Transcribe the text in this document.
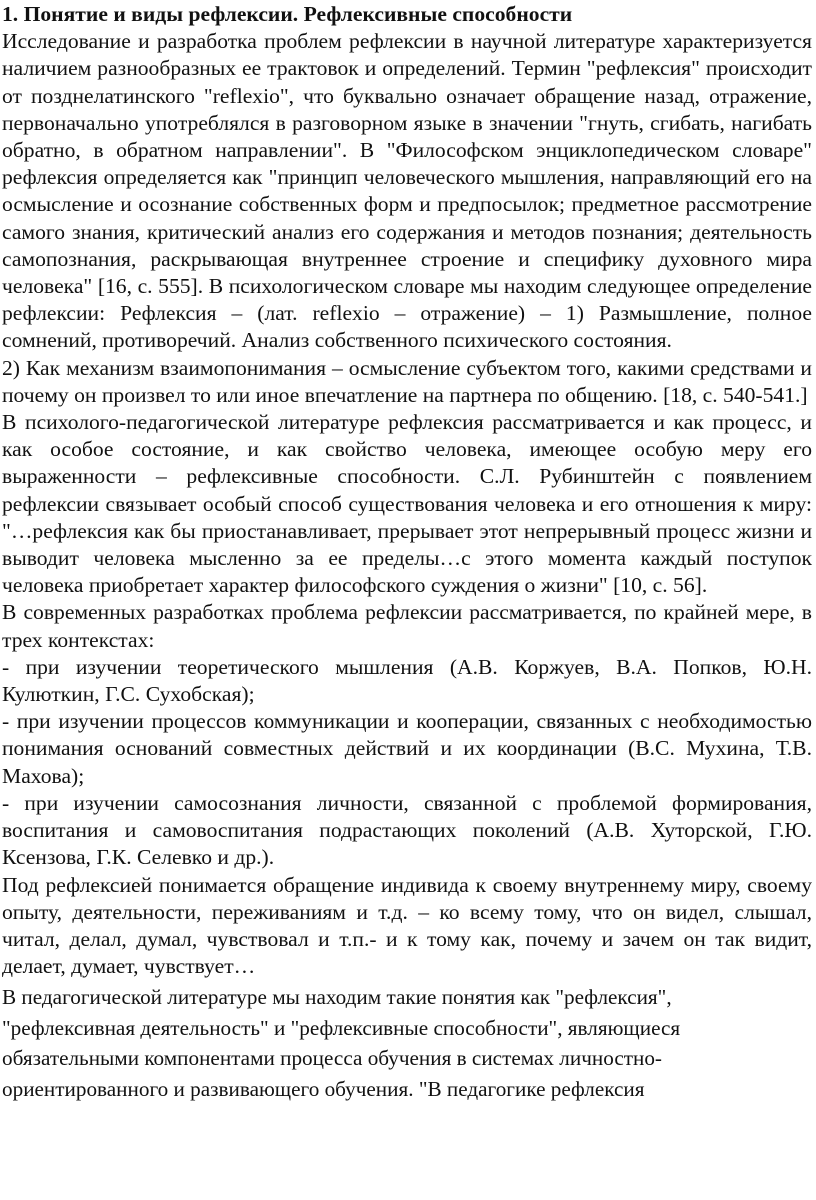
1. Понятие и виды рефлексии. Рефлексивные способности

Исследование и разработка проблем рефлексии в научной литературе характеризуется наличием разнообразных ее трактовок и определений. Термин "рефлексия" происходит от позднелатинского "reflexio", что буквально означает обращение назад, отражение, первоначально употреблялся в разговорном языке в значении "гнуть, сгибать, нагибать обратно, в обратном направлении". В "Философском энциклопедическом словаре" рефлексия определяется как "принцип человеческого мышления, направляющий его на осмысление и осознание собственных форм и предпосылок; предметное рассмотрение самого знания, критический анализ его содержания и методов познания; деятельность самопознания, раскрывающая внутреннее строение и специфику духовного мира человека" [16, с. 555]. В психологическом словаре мы находим следующее определение рефлексии: Рефлексия – (лат. reflexio – отражение) – 1) Размышление, полное сомнений, противоречий. Анализ собственного психического состояния.

2) Как механизм взаимопонимания – осмысление субъектом того, какими средствами и почему он произвел то или иное впечатление на партнера по общению. [18, с. 540-541.]

В психолого-педагогической литературе рефлексия рассматривается и как процесс, и как особое состояние, и как свойство человека, имеющее особую меру его выраженности – рефлексивные способности. С.Л. Рубинштейн с появлением рефлексии связывает особый способ существования человека и его отношения к миру: "…рефлексия как бы приостанавливает, прерывает этот непрерывный процесс жизни и выводит человека мысленно за ее пределы…с этого момента каждый поступок человека приобретает характер философского суждения о жизни" [10, с. 56].

В современных разработках проблема рефлексии рассматривается, по крайней мере, в трех контекстах:

- при изучении теоретического мышления (А.В. Коржуев, В.А. Попков, Ю.Н. Кулюткин, Г.С. Сухобская);

- при изучении процессов коммуникации и кооперации, связанных с необходимостью понимания оснований совместных действий и их координации (В.С. Мухина, Т.В. Махова);

- при изучении самосознания личности, связанной с проблемой формирования, воспитания и самовоспитания подрастающих поколений (А.В. Хуторской, Г.Ю. Ксензова, Г.К. Селевко и др.).

Под рефлексией понимается обращение индивида к своему внутреннему миру, своему опыту, деятельности, переживаниям и т.д. – ко всему тому, что он видел, слышал, читал, делал, думал, чувствовал и т.п.- и к тому как, почему и зачем он так видит, делает, думает, чувствует…

В педагогической литературе мы находим такие понятия как "рефлексия",
"рефлексивная деятельность" и "рефлексивные способности", являющиеся
обязательными компонентами процесса обучения в системах личностно-
ориентированного и развивающего обучения. "В педагогике рефлексия
